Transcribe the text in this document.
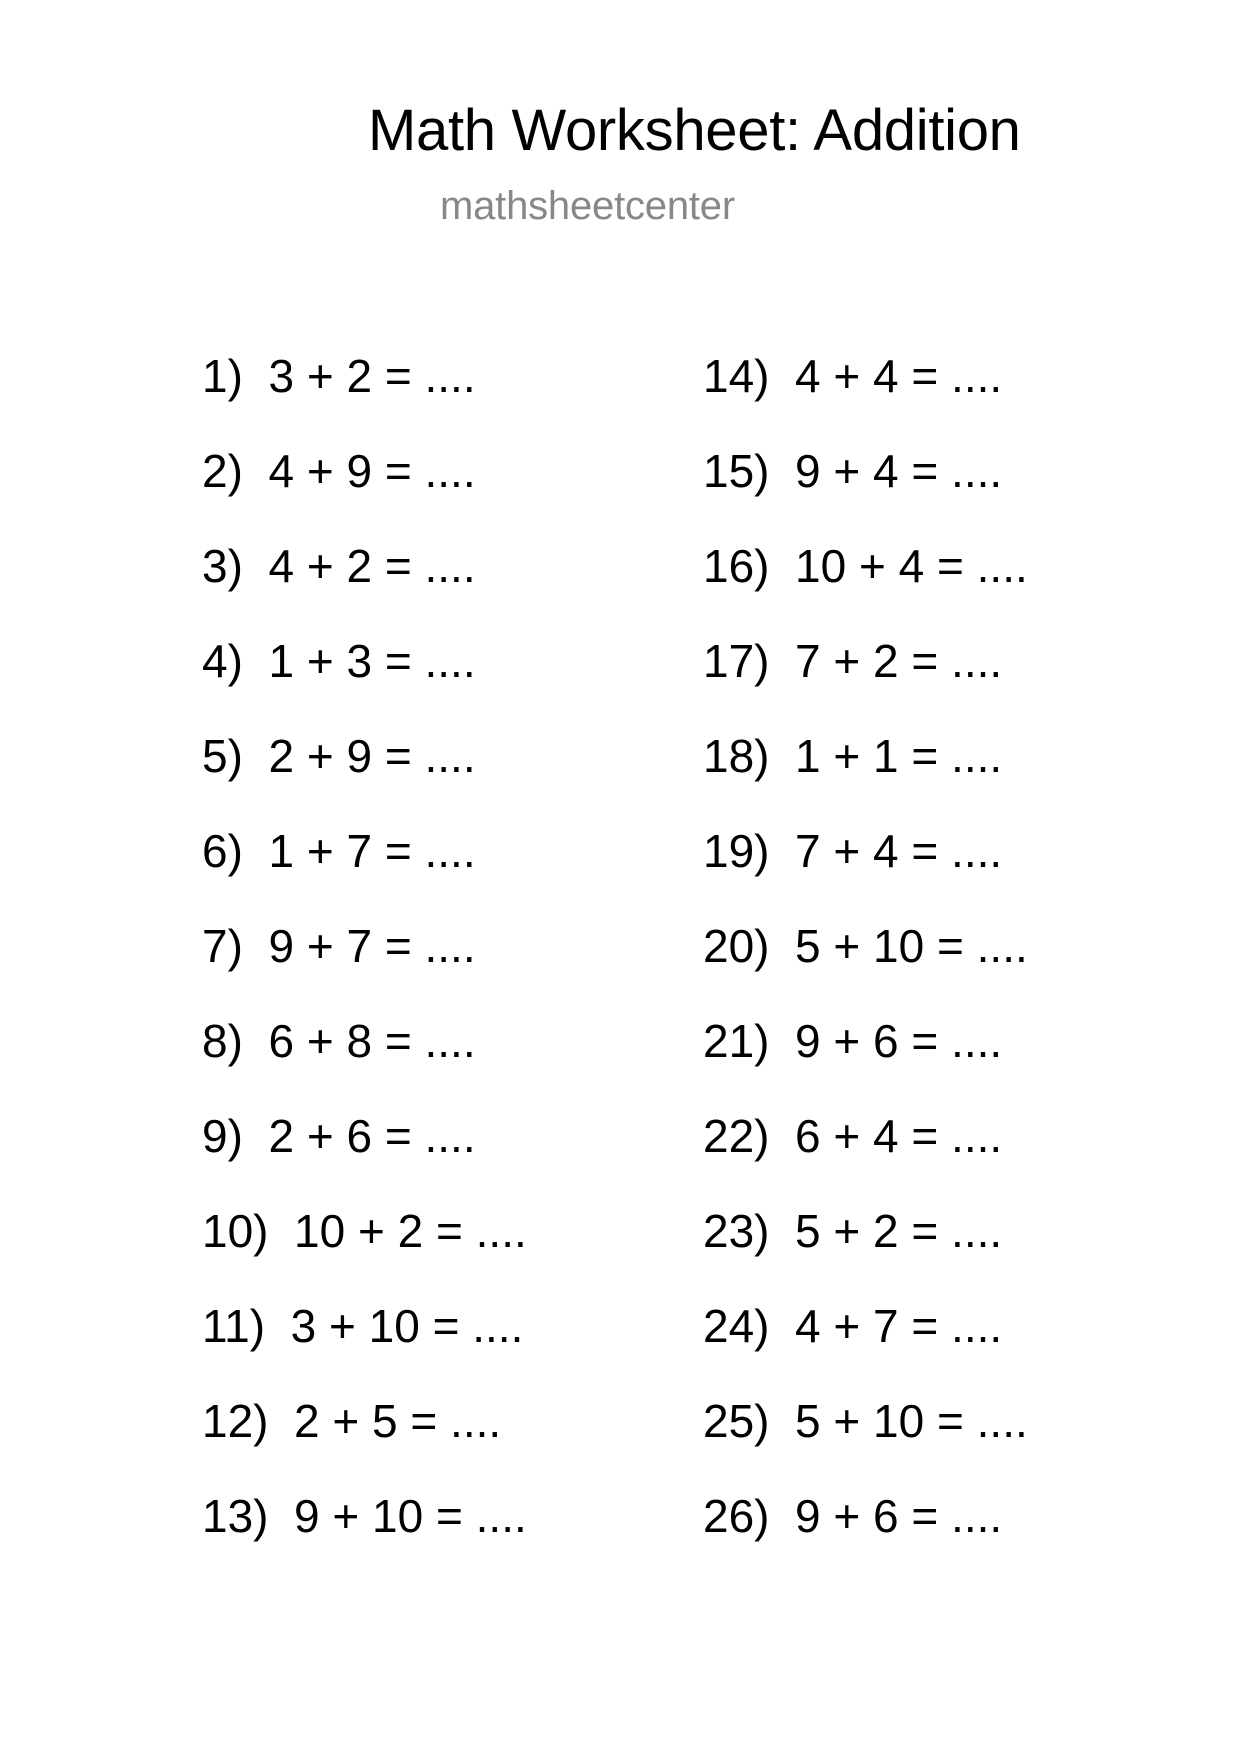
Math Worksheet: Addition
mathsheetcenter
1)  3 + 2 = ....
2)  4 + 9 = ....
3)  4 + 2 = ....
4)  1 + 3 = ....
5)  2 + 9 = ....
6)  1 + 7 = ....
7)  9 + 7 = ....
8)  6 + 8 = ....
9)  2 + 6 = ....
10)  10 + 2 = ....
11)  3 + 10 = ....
12)  2 + 5 = ....
13)  9 + 10 = ....
14)  4 + 4 = ....
15)  9 + 4 = ....
16)  10 + 4 = ....
17)  7 + 2 = ....
18)  1 + 1 = ....
19)  7 + 4 = ....
20)  5 + 10 = ....
21)  9 + 6 = ....
22)  6 + 4 = ....
23)  5 + 2 = ....
24)  4 + 7 = ....
25)  5 + 10 = ....
26)  9 + 6 = ....
